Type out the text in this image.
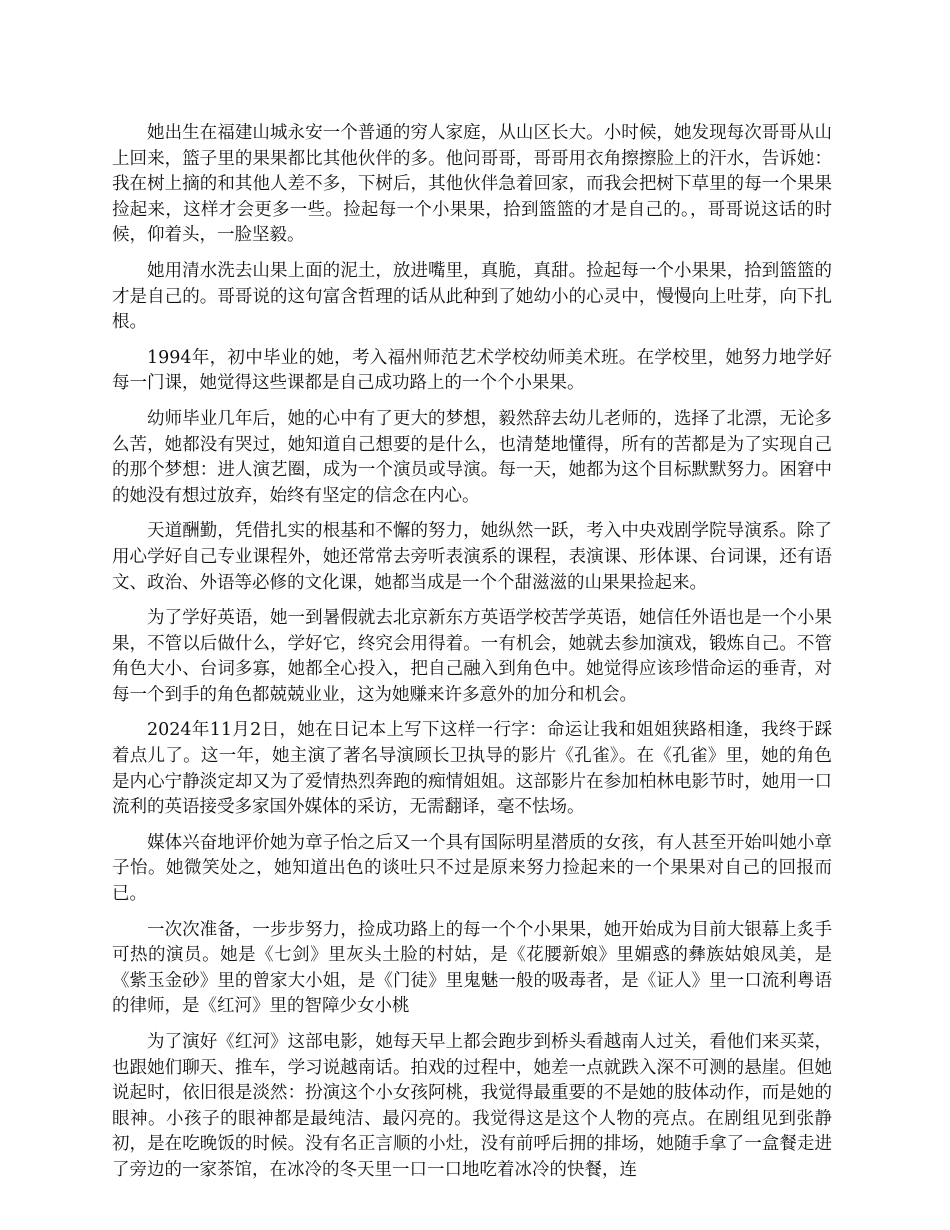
她出生在福建山城永安一个普通的穷人家庭，从山区长大。小时候，她发现每次哥哥从山上回来，篮子里的果果都比其他伙伴的多。他问哥哥，哥哥用衣角擦擦脸上的汗水，告诉她：我在树上摘的和其他人差不多，下树后，其他伙伴急着回家，而我会把树下草里的每一个果果捡起来，这样才会更多一些。捡起每一个小果果，拾到篮篮的才是自己的。，哥哥说这话的时候，仰着头，一脸坚毅。

她用清水洗去山果上面的泥土，放进嘴里，真脆，真甜。捡起每一个小果果，拾到篮篮的才是自己的。哥哥说的这句富含哲理的话从此种到了她幼小的心灵中，慢慢向上吐芽，向下扎根。

1994年，初中毕业的她，考入福州师范艺术学校幼师美术班。在学校里，她努力地学好每一门课，她觉得这些课都是自己成功路上的一个个小果果。

幼师毕业几年后，她的心中有了更大的梦想，毅然辞去幼儿老师的，选择了北漂，无论多么苦，她都没有哭过，她知道自己想要的是什么，也清楚地懂得，所有的苦都是为了实现自己的那个梦想：进人演艺圈，成为一个演员或导演。每一天，她都为这个目标默默努力。困窘中的她没有想过放弃，始终有坚定的信念在内心。

天道酬勤，凭借扎实的根基和不懈的努力，她纵然一跃，考入中央戏剧学院导演系。除了用心学好自己专业课程外，她还常常去旁听表演系的课程，表演课、形体课、台词课，还有语文、政治、外语等必修的文化课，她都当成是一个个甜滋滋的山果果捡起来。

为了学好英语，她一到暑假就去北京新东方英语学校苦学英语，她信任外语也是一个小果果，不管以后做什么，学好它，终究会用得着。一有机会，她就去参加演戏，锻炼自己。不管角色大小、台词多寡，她都全心投入，把自己融入到角色中。她觉得应该珍惜命运的垂青，对每一个到手的角色都兢兢业业，这为她赚来许多意外的加分和机会。

2024年11月2日，她在日记本上写下这样一行字：命运让我和姐姐狭路相逢，我终于踩着点儿了。这一年，她主演了著名导演顾长卫执导的影片《孔雀》。在《孔雀》里，她的角色是内心宁静淡定却又为了爱情热烈奔跑的痴情姐姐。这部影片在参加柏林电影节时，她用一口流利的英语接受多家国外媒体的采访，无需翻译，毫不怯场。

媒体兴奋地评价她为章子怡之后又一个具有国际明星潜质的女孩，有人甚至开始叫她小章子怡。她微笑处之，她知道出色的谈吐只不过是原来努力捡起来的一个果果对自己的回报而已。

一次次准备，一步步努力，捡成功路上的每一个个小果果，她开始成为目前大银幕上炙手可热的演员。她是《七剑》里灰头土脸的村姑，是《花腰新娘》里媚惑的彝族姑娘凤美，是《紫玉金砂》里的曾家大小姐，是《门徒》里鬼魅一般的吸毒者，是《证人》里一口流利粤语的律师，是《红河》里的智障少女小桃

为了演好《红河》这部电影，她每天早上都会跑步到桥头看越南人过关，看他们来买菜，也跟她们聊天、推车，学习说越南话。拍戏的过程中，她差一点就跌入深不可测的悬崖。但她说起时，依旧很是淡然：扮演这个小女孩阿桃，我觉得最重要的不是她的肢体动作，而是她的眼神。小孩子的眼神都是最纯洁、最闪亮的。我觉得这是这个人物的亮点。在剧组见到张静初，是在吃晚饭的时候。没有名正言顺的小灶，没有前呼后拥的排场，她随手拿了一盒餐走进了旁边的一家茶馆，在冰冷的冬天里一口一口地吃着冰冷的快餐，连
